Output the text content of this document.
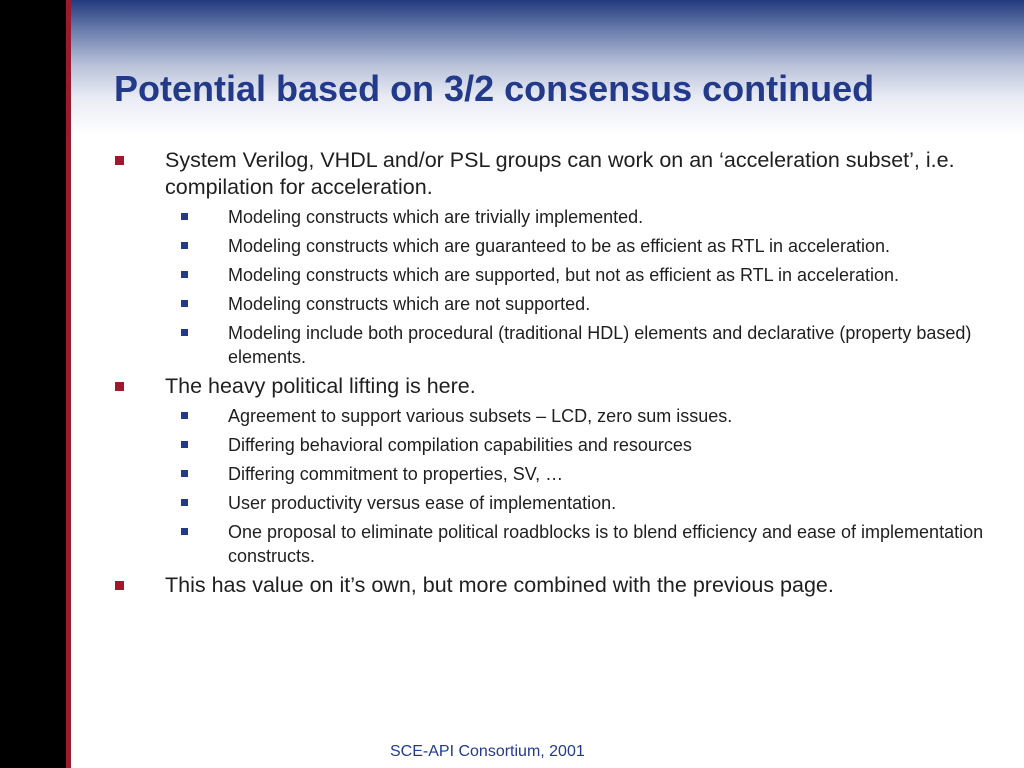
Potential based on 3/2 consensus continued
System Verilog, VHDL and/or PSL groups can work on an ‘acceleration subset’, i.e. compilation for acceleration.
Modeling constructs which are trivially implemented.
Modeling constructs which are guaranteed to be as efficient as RTL in acceleration.
Modeling constructs which are supported, but not as efficient as RTL in acceleration.
Modeling constructs which are not supported.
Modeling include both procedural (traditional HDL) elements and declarative (property based) elements.
The heavy political lifting is here.
Agreement to support various subsets – LCD, zero sum issues.
Differing behavioral compilation capabilities and resources
Differing commitment to properties, SV, …
User productivity versus ease of implementation.
One proposal to eliminate political roadblocks is to blend efficiency and ease of implementation constructs.
This has value on it’s own, but more combined with the previous page.
SCE-API Consortium, 2001
